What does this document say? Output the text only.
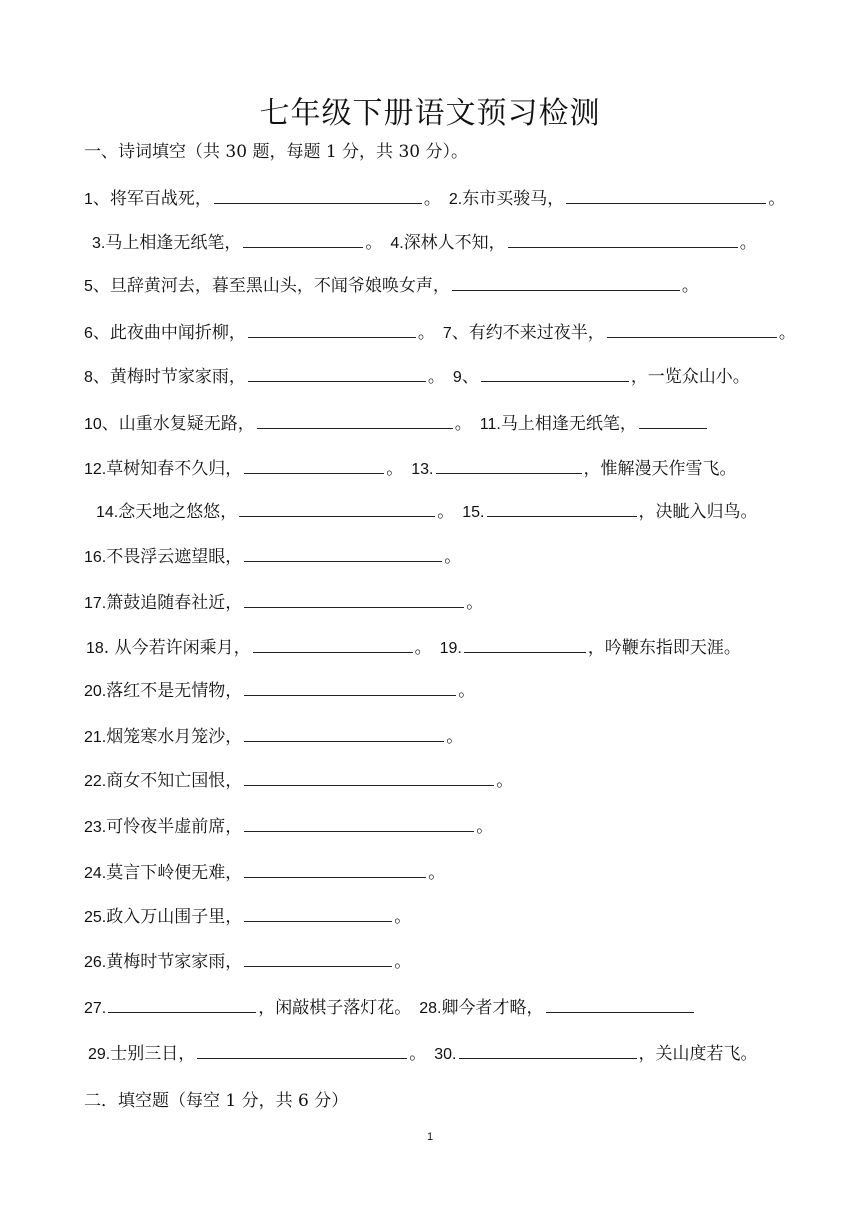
七年级下册语文预习检测
一、诗词填空（共 30 题，每题 1 分，共 30 分）。
1、将军百战死，	。 2.东市买骏马，	。
3.马上相逢无纸笔，	。 4.深林人不知，	。
5、旦辞黄河去，暮至黑山头，不闻爷娘唤女声，	。
6、此夜曲中闻折柳，	。 7、有约不来过夜半，	。
8、黄梅时节家家雨，	。 9、	，一览众山小。
10、山重水复疑无路，	。 11.马上相逢无纸笔，
12.草树知春不久归，	。 13.	，惟解漫天作雪飞。
14.念天地之悠悠，	。 15.	，决眦入归鸟。
16.不畏浮云遮望眼，	。
17.箫鼓追随春社近，	。
18. 从今若许闲乘月，	。 19.	，吟鞭东指即天涯。
20.落红不是无情物，	。
21.烟笼寒水月笼沙，	。
22.商女不知亡国恨，	。
23.可怜夜半虚前席，	。
24.莫言下岭便无难，	。
25.政入万山围子里，	。
26.黄梅时节家家雨，	。
27.	，闲敲棋子落灯花。 28.卿今者才略，
29.士别三日，	。 30.	，关山度若飞。
二．填空题（每空 1 分，共 6 分）
1
